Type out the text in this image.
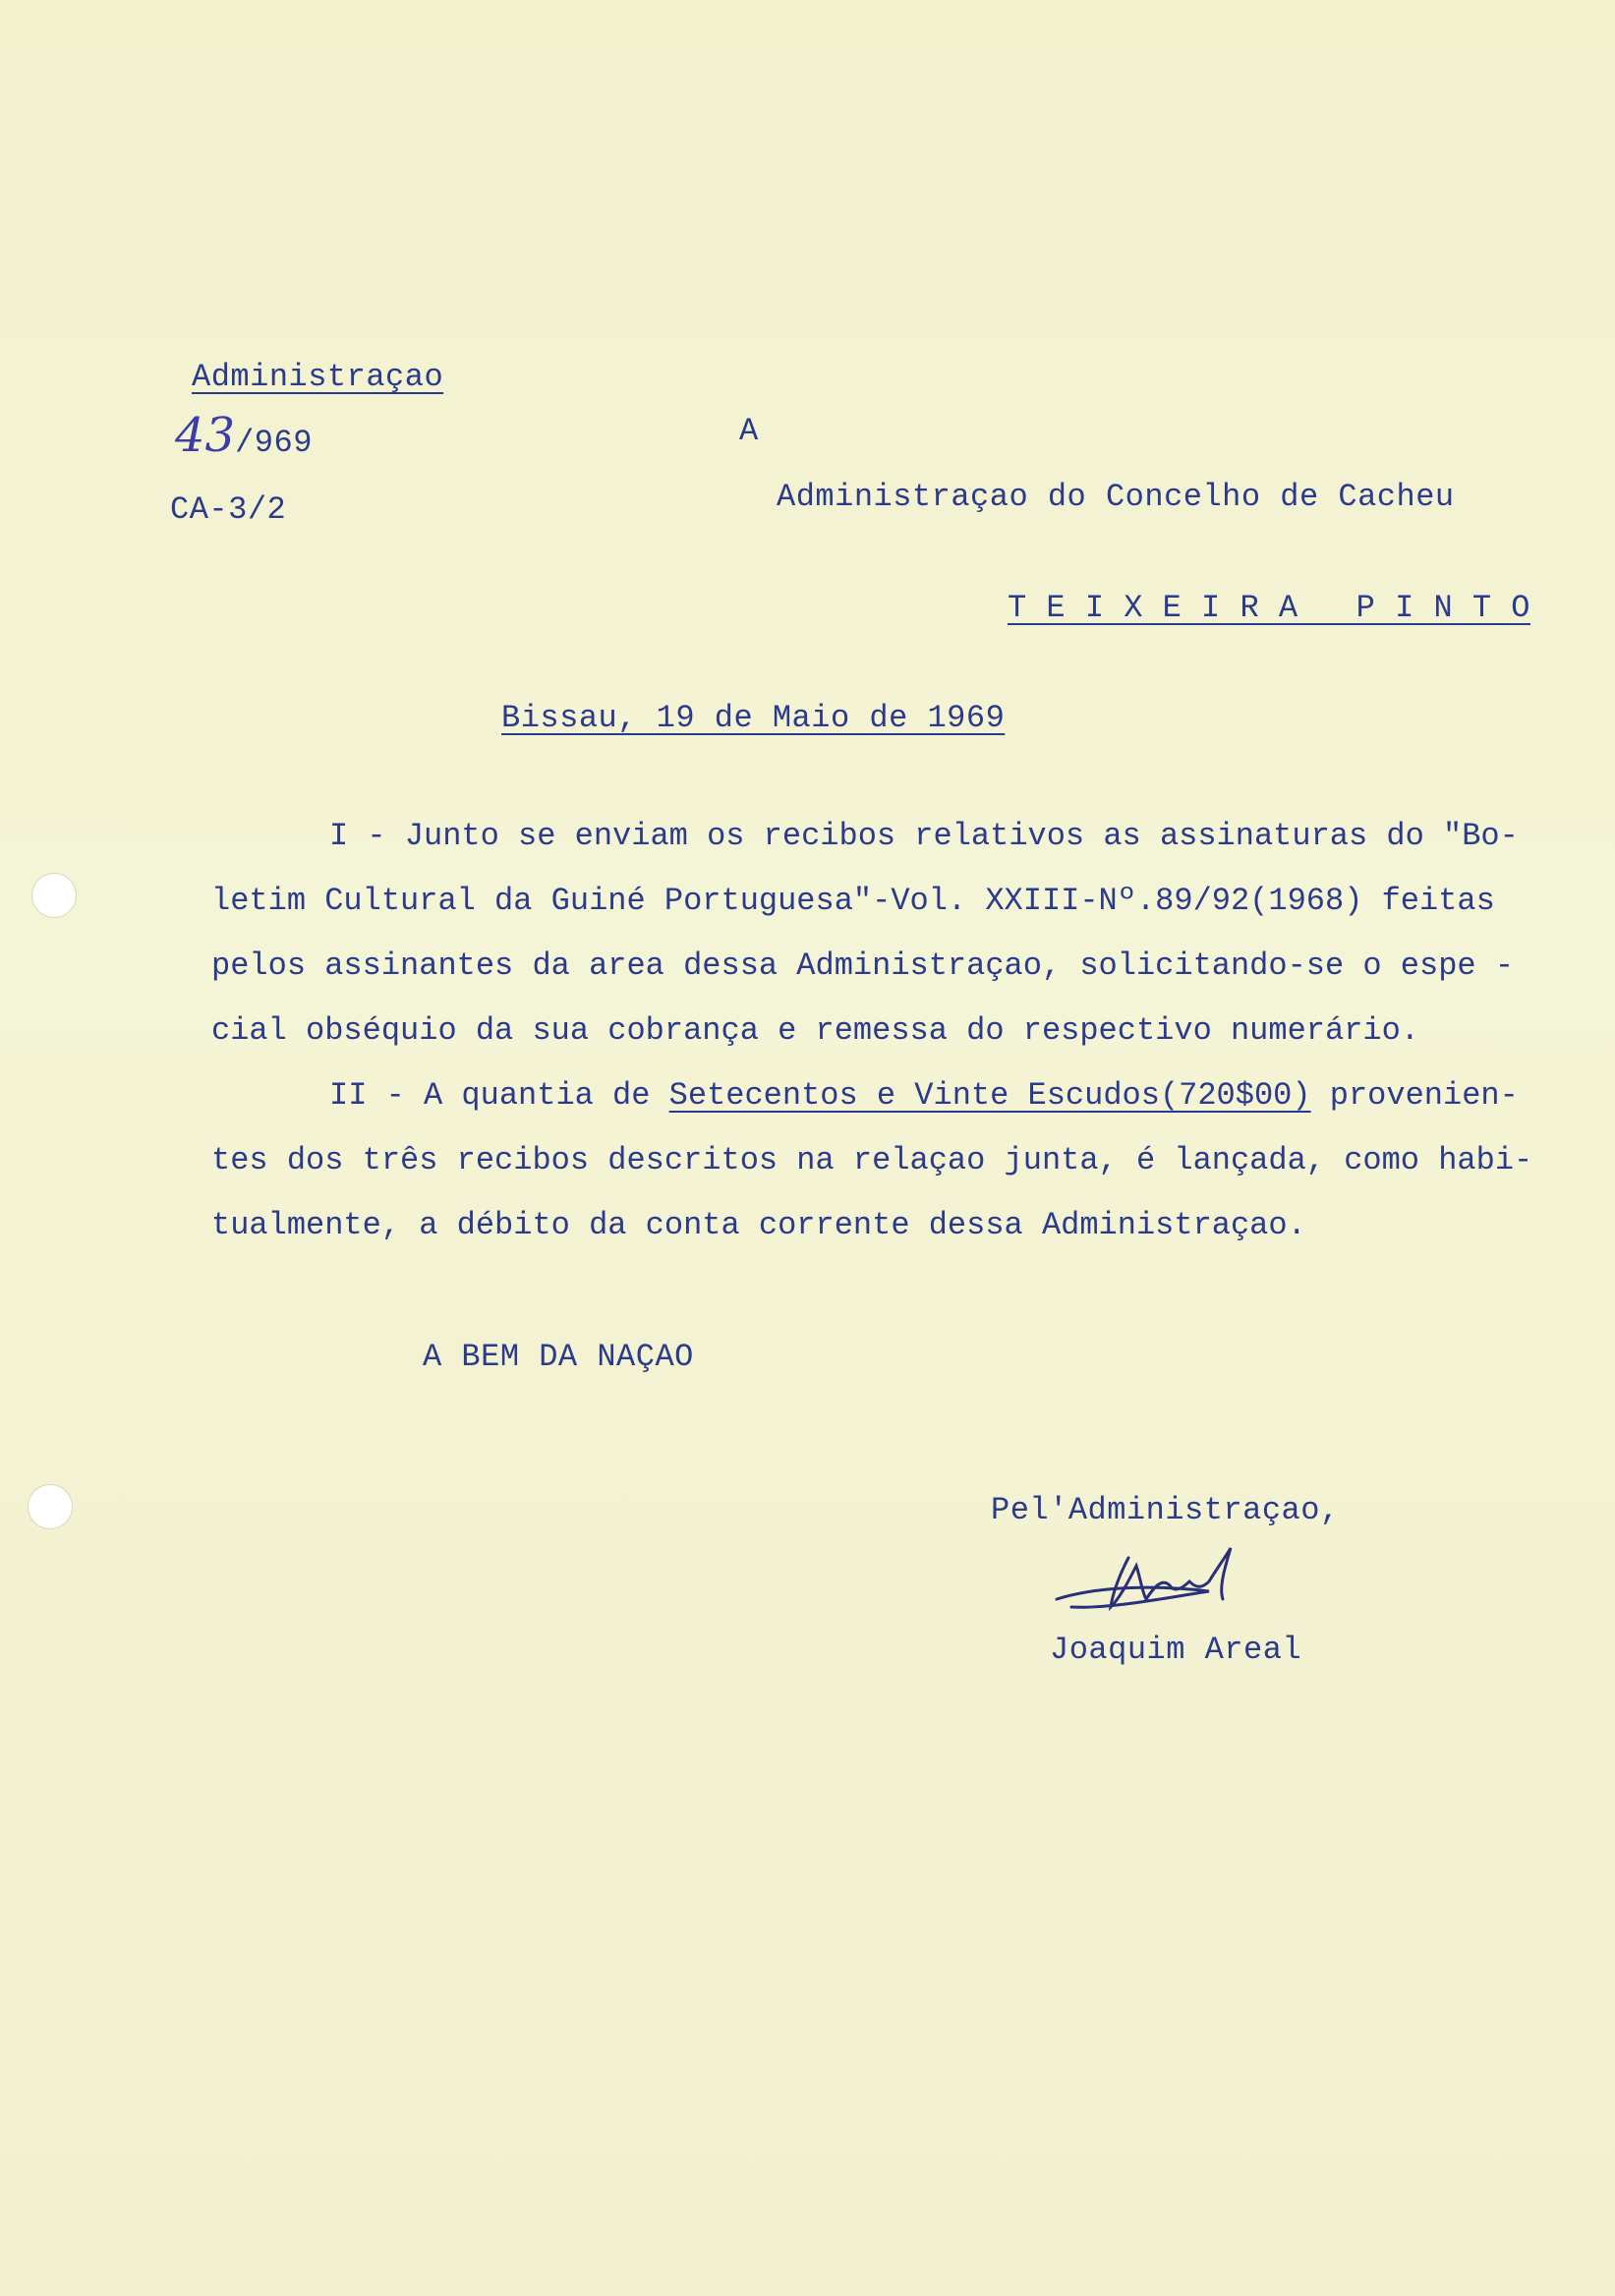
Administraçao
43/969
CA-3/2
A
Administraçao do Concelho de Cacheu
T E I X E I R A   P I N T O
Bissau, 19 de Maio de 1969
I - Junto se enviam os recibos relativos as assinaturas do "Bo-
letim Cultural da Guiné Portuguesa"-Vol. XXIII-Nº.89/92(1968) feitas
pelos assinantes da area dessa Administraçao, solicitando-se o espe -
cial obséquio da sua cobrança e remessa do respectivo numerário.
II - A quantia de Setecentos e Vinte Escudos(720$00) provenien-
tes dos três recibos descritos na relaçao junta, é lançada, como habi-
tualmente, a débito da conta corrente dessa Administraçao.
A BEM DA NAÇAO
Pel'Administraçao,
Joaquim Areal
